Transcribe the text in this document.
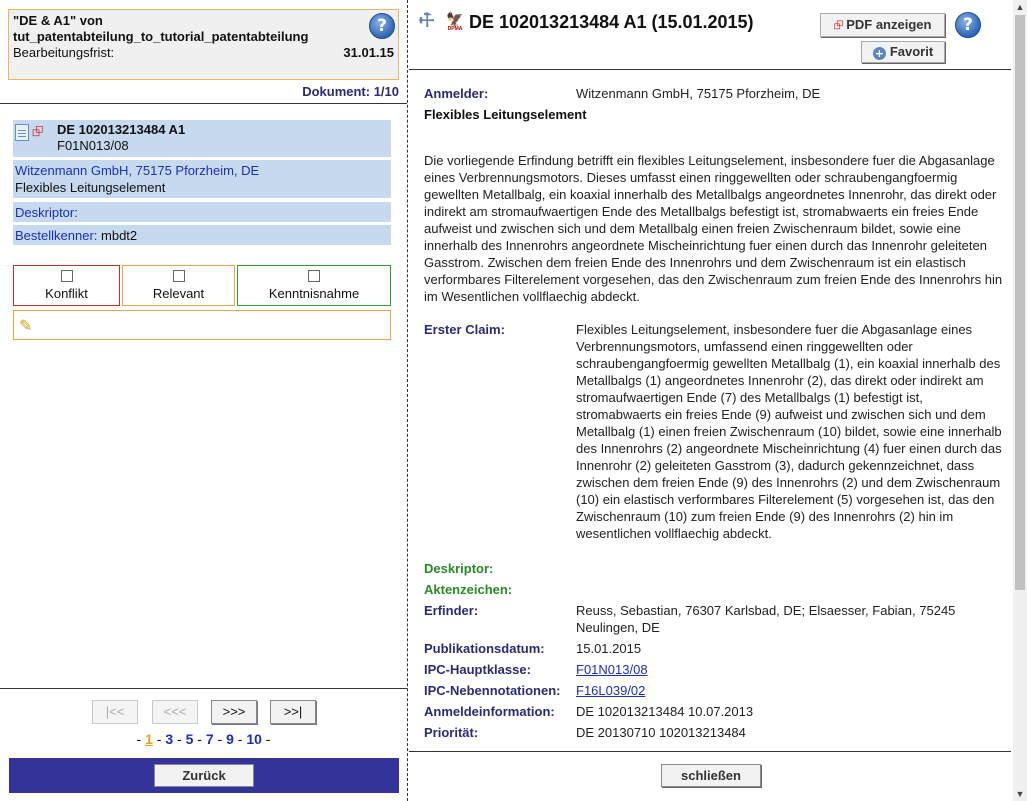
"DE & A1" von
tut_patentabteilung_to_tutorial_patentabteilung
Bearbeitungsfrist:	31.01.15
?
Dokument: 1/10
⮺ DE 102013213484 A1
F01N013/08
Witzenmann GmbH, 75175 Pforzheim, DE
Flexibles Leitungselement
Deskriptor:
Bestellkenner: mbdt2
Konflikt	Relevant	Kenntnisnahme
✎
|<<	<<<	>>>	>>|
- 1 - 3 - 5 - 7 - 9 - 10 -
Zurück
⚒ 🦅
DPMA DE 102013213484 A1 (15.01.2015)	⮺ PDF anzeigen
+ Favorit
?
Anmelder:	Witzenmann GmbH, 75175 Pforzheim, DE
Flexibles Leitungselement
Die vorliegende Erfindung betrifft ein flexibles Leitungselement, insbesondere fuer die Abgasanlage eines Verbrennungsmotors. Dieses umfasst einen ringgewellten oder schraubengangfoermig gewellten Metallbalg, ein koaxial innerhalb des Metallbalgs angeordnetes Innenrohr, das direkt oder indirekt am stromaufwaertigen Ende des Metallbalgs befestigt ist, stromabwaerts ein freies Ende aufweist und zwischen sich und dem Metallbalg einen freien Zwischenraum bildet, sowie eine innerhalb des Innenrohrs angeordnete Mischeinrichtung fuer einen durch das Innenrohr geleiteten Gasstrom. Zwischen dem freien Ende des Innenrohrs und dem Zwischenraum ist ein elastisch verformbares Filterelement vorgesehen, das den Zwischenraum zum freien Ende des Innenrohrs hin im Wesentlichen vollflaechig abdeckt.
Erster Claim:	Flexibles Leitungselement, insbesondere fuer die Abgasanlage eines Verbrennungsmotors, umfassend einen ringgewellten oder schraubengangfoermig gewellten Metallbalg (1), ein koaxial innerhalb des Metallbalgs (1) angeordnetes Innenrohr (2), das direkt oder indirekt am stromaufwaertigen Ende (7) des Metallbalgs (1) befestigt ist, stromabwaerts ein freies Ende (9) aufweist und zwischen sich und dem Metallbalg (1) einen freien Zwischenraum (10) bildet, sowie eine innerhalb des Innenrohrs (2) angeordnete Mischeinrichtung (4) fuer einen durch das Innenrohr (2) geleiteten Gasstrom (3), dadurch gekennzeichnet, dass zwischen dem freien Ende (9) des Innenrohrs (2) und dem Zwischenraum (10) ein elastisch verformbares Filterelement (5) vorgesehen ist, das den Zwischenraum (10) zum freien Ende (9) des Innenrohrs (2) hin im wesentlichen vollflaechig abdeckt.
Deskriptor:
Aktenzeichen:
Erfinder:	Reuss, Sebastian, 76307 Karlsbad, DE; Elsaesser, Fabian, 75245 Neulingen, DE
Publikationsdatum:	15.01.2015
IPC-Hauptklasse:	F01N013/08
IPC-Nebennotationen:	F16L039/02
Anmeldeinformation:	DE 102013213484 10.07.2013
Priorität:	DE 20130710 102013213484
schließen
▲
▼
